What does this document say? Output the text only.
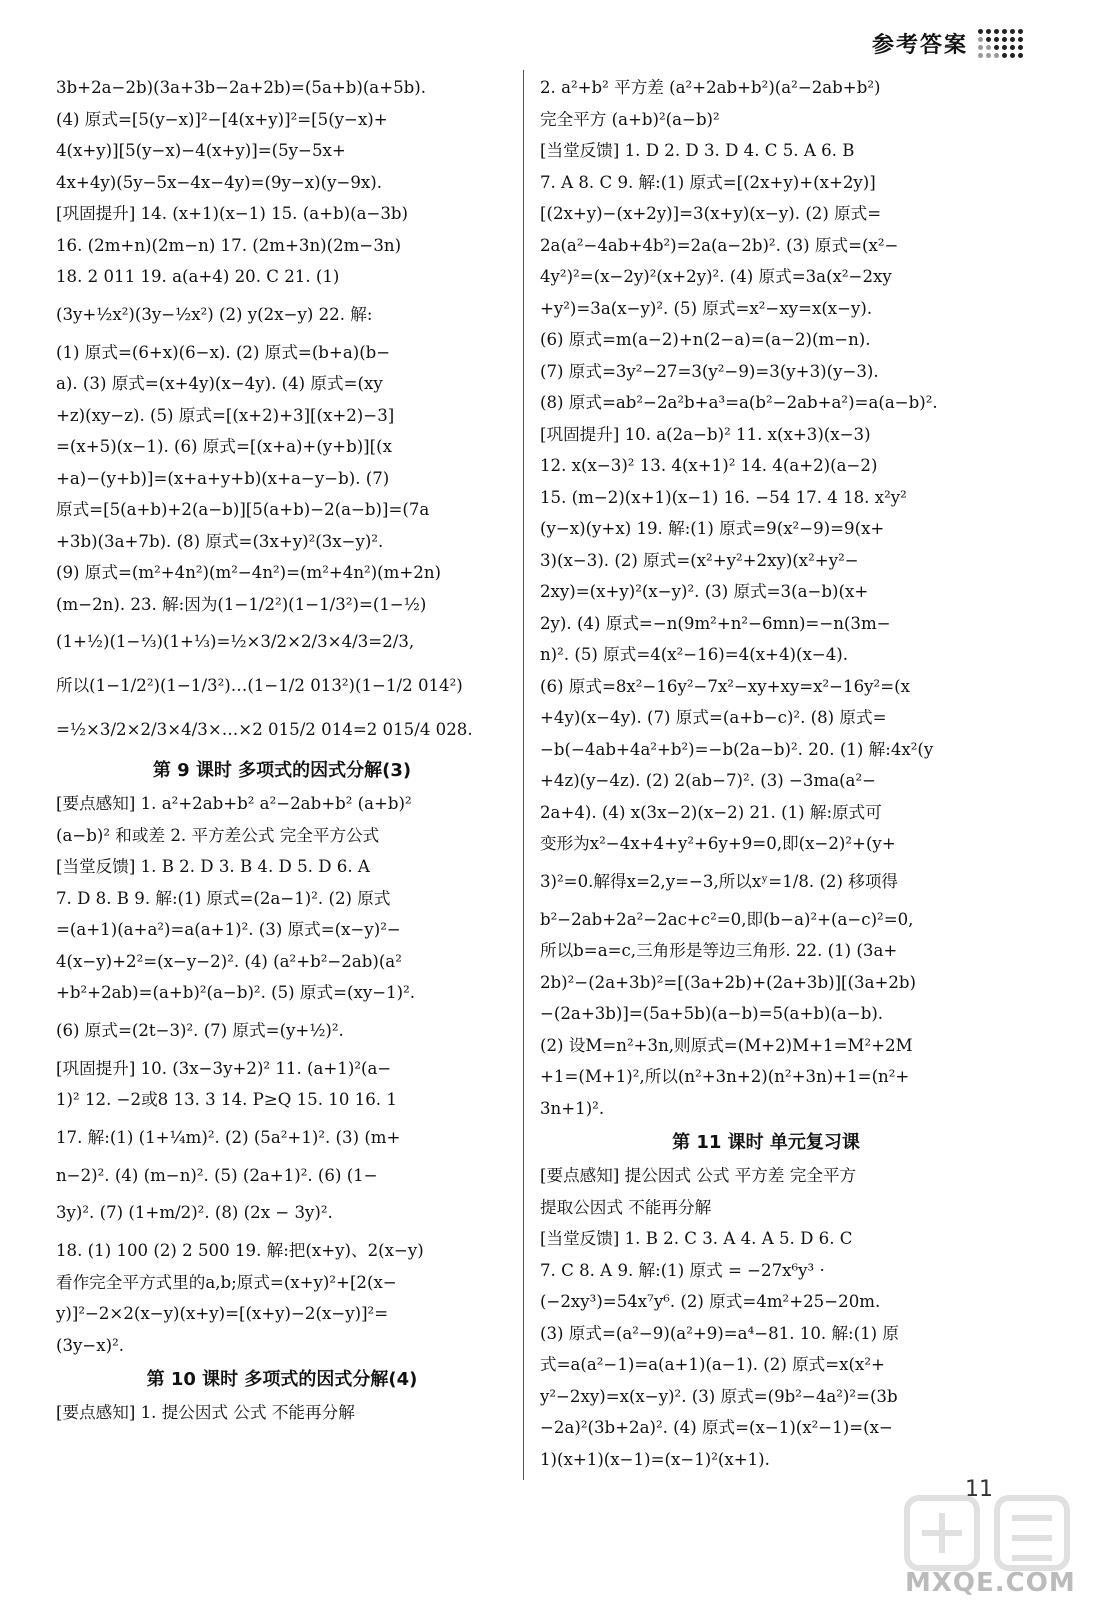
参考答案
3b+2a−2b)(3a+3b−2a+2b)=(5a+b)(a+5b).
(4) 原式=[5(y−x)]²−[4(x+y)]²=[5(y−x)+
4(x+y)][5(y−x)−4(x+y)]=(5y−5x+
4x+4y)(5y−5x−4x−4y)=(9y−x)(y−9x).
[巩固提升] 14. (x+1)(x−1) 15. (a+b)(a−3b)
16. (2m+n)(2m−n) 17. (2m+3n)(2m−3n)
18. 2 011 19. a(a+4) 20. C 21. (1)
(3y+½x²)(3y−½x²) (2) y(2x−y) 22. 解:
(1) 原式=(6+x)(6−x). (2) 原式=(b+a)(b−
a). (3) 原式=(x+4y)(x−4y). (4) 原式=(xy
+z)(xy−z). (5) 原式=[(x+2)+3][(x+2)−3]
=(x+5)(x−1). (6) 原式=[(x+a)+(y+b)][(x
+a)−(y+b)]=(x+a+y+b)(x+a−y−b). (7)
原式=[5(a+b)+2(a−b)][5(a+b)−2(a−b)]=(7a
+3b)(3a+7b). (8) 原式=(3x+y)²(3x−y)².
(9) 原式=(m²+4n²)(m²−4n²)=(m²+4n²)(m+2n)
(m−2n). 23. 解:因为(1−1/2²)(1−1/3²)=(1−½)
(1+½)(1−⅓)(1+⅓)=½×3/2×2/3×4/3=2/3,
所以(1−1/2²)(1−1/3²)…(1−1/2 013²)(1−1/2 014²)
=½×3/2×2/3×4/3×…×2 015/2 014=2 015/4 028.
第 9 课时 多项式的因式分解(3)
[要点感知] 1. a²+2ab+b² a²−2ab+b² (a+b)²
(a−b)² 和或差 2. 平方差公式 完全平方公式
[当堂反馈] 1. B 2. D 3. B 4. D 5. D 6. A
7. D 8. B 9. 解:(1) 原式=(2a−1)². (2) 原式
=(a+1)(a+a²)=a(a+1)². (3) 原式=(x−y)²−
4(x−y)+2²=(x−y−2)². (4) (a²+b²−2ab)(a²
+b²+2ab)=(a+b)²(a−b)². (5) 原式=(xy−1)².
(6) 原式=(2t−3)². (7) 原式=(y+½)².
[巩固提升] 10. (3x−3y+2)² 11. (a+1)²(a−
1)² 12. −2或8 13. 3 14. P≥Q 15. 10 16. 1
17. 解:(1) (1+¼m)². (2) (5a²+1)². (3) (m+
n−2)². (4) (m−n)². (5) (2a+1)². (6) (1−
3y)². (7) (1+m/2)². (8) (2x − 3y)².
18. (1) 100 (2) 2 500 19. 解:把(x+y)、2(x−y)
看作完全平方式里的a,b;原式=(x+y)²+[2(x−
y)]²−2×2(x−y)(x+y)=[(x+y)−2(x−y)]²=
(3y−x)².
第 10 课时 多项式的因式分解(4)
[要点感知] 1. 提公因式 公式 不能再分解
2. a²+b² 平方差 (a²+2ab+b²)(a²−2ab+b²)
完全平方 (a+b)²(a−b)²
[当堂反馈] 1. D 2. D 3. D 4. C 5. A 6. B
7. A 8. C 9. 解:(1) 原式=[(2x+y)+(x+2y)]
[(2x+y)−(x+2y)]=3(x+y)(x−y). (2) 原式=
2a(a²−4ab+4b²)=2a(a−2b)². (3) 原式=(x²−
4y²)²=(x−2y)²(x+2y)². (4) 原式=3a(x²−2xy
+y²)=3a(x−y)². (5) 原式=x²−xy=x(x−y).
(6) 原式=m(a−2)+n(2−a)=(a−2)(m−n).
(7) 原式=3y²−27=3(y²−9)=3(y+3)(y−3).
(8) 原式=ab²−2a²b+a³=a(b²−2ab+a²)=a(a−b)².
[巩固提升] 10. a(2a−b)² 11. x(x+3)(x−3)
12. x(x−3)² 13. 4(x+1)² 14. 4(a+2)(a−2)
15. (m−2)(x+1)(x−1) 16. −54 17. 4 18. x²y²
(y−x)(y+x) 19. 解:(1) 原式=9(x²−9)=9(x+
3)(x−3). (2) 原式=(x²+y²+2xy)(x²+y²−
2xy)=(x+y)²(x−y)². (3) 原式=3(a−b)(x+
2y). (4) 原式=−n(9m²+n²−6mn)=−n(3m−
n)². (5) 原式=4(x²−16)=4(x+4)(x−4).
(6) 原式=8x²−16y²−7x²−xy+xy=x²−16y²=(x
+4y)(x−4y). (7) 原式=(a+b−c)². (8) 原式=
−b(−4ab+4a²+b²)=−b(2a−b)². 20. (1) 解:4x²(y
+4z)(y−4z). (2) 2(ab−7)². (3) −3ma(a²−
2a+4). (4) x(3x−2)(x−2) 21. (1) 解:原式可
变形为x²−4x+4+y²+6y+9=0,即(x−2)²+(y+
3)²=0.解得x=2,y=−3,所以xʸ=1/8. (2) 移项得
b²−2ab+2a²−2ac+c²=0,即(b−a)²+(a−c)²=0,
所以b=a=c,三角形是等边三角形. 22. (1) (3a+
2b)²−(2a+3b)²=[(3a+2b)+(2a+3b)][(3a+2b)
−(2a+3b)]=(5a+5b)(a−b)=5(a+b)(a−b).
(2) 设M=n²+3n,则原式=(M+2)M+1=M²+2M
+1=(M+1)²,所以(n²+3n+2)(n²+3n)+1=(n²+
3n+1)².
第 11 课时 单元复习课
[要点感知] 提公因式 公式 平方差 完全平方
提取公因式 不能再分解
[当堂反馈] 1. B 2. C 3. A 4. A 5. D 6. C
7. C 8. A 9. 解:(1) 原式 = −27x⁶y³ ·
(−2xy³)=54x⁷y⁶. (2) 原式=4m²+25−20m.
(3) 原式=(a²−9)(a²+9)=a⁴−81. 10. 解:(1) 原
式=a(a²−1)=a(a+1)(a−1). (2) 原式=x(x²+
y²−2xy)=x(x−y)². (3) 原式=(9b²−4a²)²=(3b
−2a)²(3b+2a)². (4) 原式=(x−1)(x²−1)=(x−
1)(x+1)(x−1)=(x−1)²(x+1).
11
MXQE.COM
